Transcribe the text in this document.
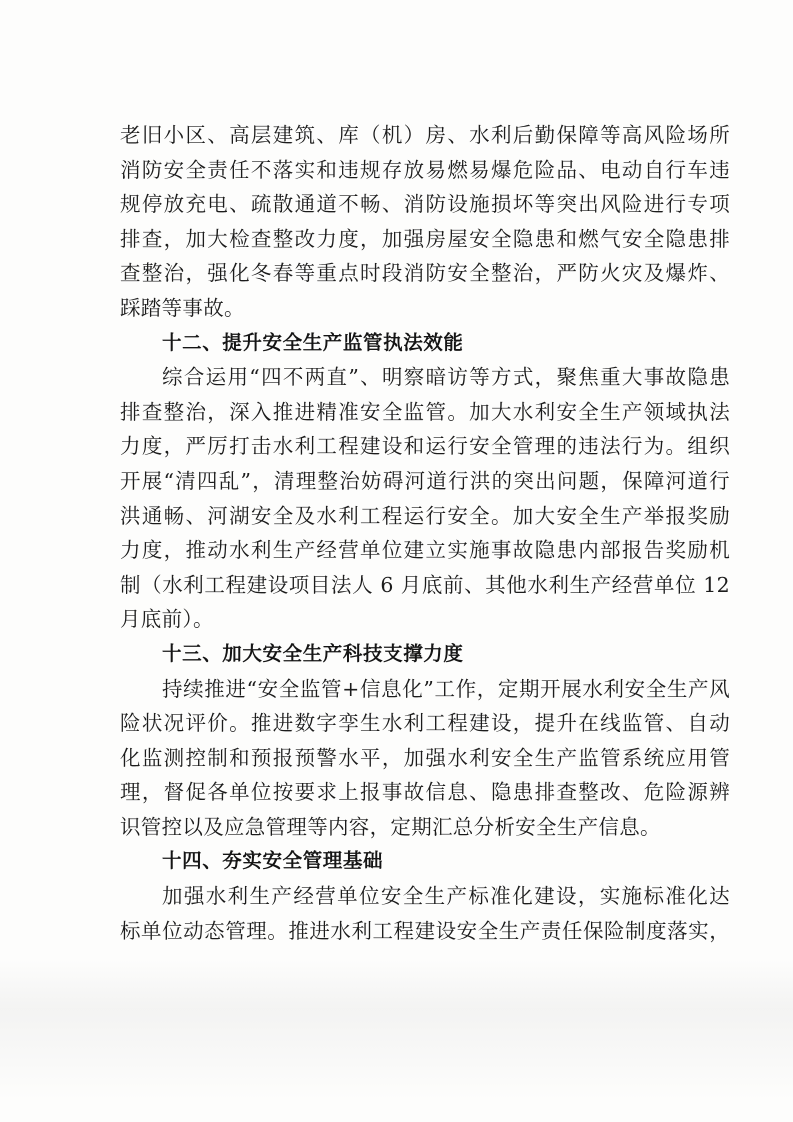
老旧小区、高层建筑、库（机）房、水利后勤保障等高风险场所
消防安全责任不落实和违规存放易燃易爆危险品、电动自行车违
规停放充电、疏散通道不畅、消防设施损坏等突出风险进行专项
排查，加大检查整改力度，加强房屋安全隐患和燃气安全隐患排
查整治，强化冬春等重点时段消防安全整治，严防火灾及爆炸、
踩踏等事故。
十二、提升安全生产监管执法效能
综合运用“四不两直”、明察暗访等方式，聚焦重大事故隐患
排查整治，深入推进精准安全监管。加大水利安全生产领域执法
力度，严厉打击水利工程建设和运行安全管理的违法行为。组织
开展“清四乱”，清理整治妨碍河道行洪的突出问题，保障河道行
洪通畅、河湖安全及水利工程运行安全。加大安全生产举报奖励
力度，推动水利生产经营单位建立实施事故隐患内部报告奖励机
制（水利工程建设项目法人 6 月底前、其他水利生产经营单位 12
月底前）。
十三、加大安全生产科技支撑力度
持续推进“安全监管+信息化”工作，定期开展水利安全生产风
险状况评价。推进数字孪生水利工程建设，提升在线监管、自动
化监测控制和预报预警水平，加强水利安全生产监管系统应用管
理，督促各单位按要求上报事故信息、隐患排查整改、危险源辨
识管控以及应急管理等内容，定期汇总分析安全生产信息。
十四、夯实安全管理基础
加强水利生产经营单位安全生产标准化建设，实施标准化达
标单位动态管理。推进水利工程建设安全生产责任保险制度落实，
